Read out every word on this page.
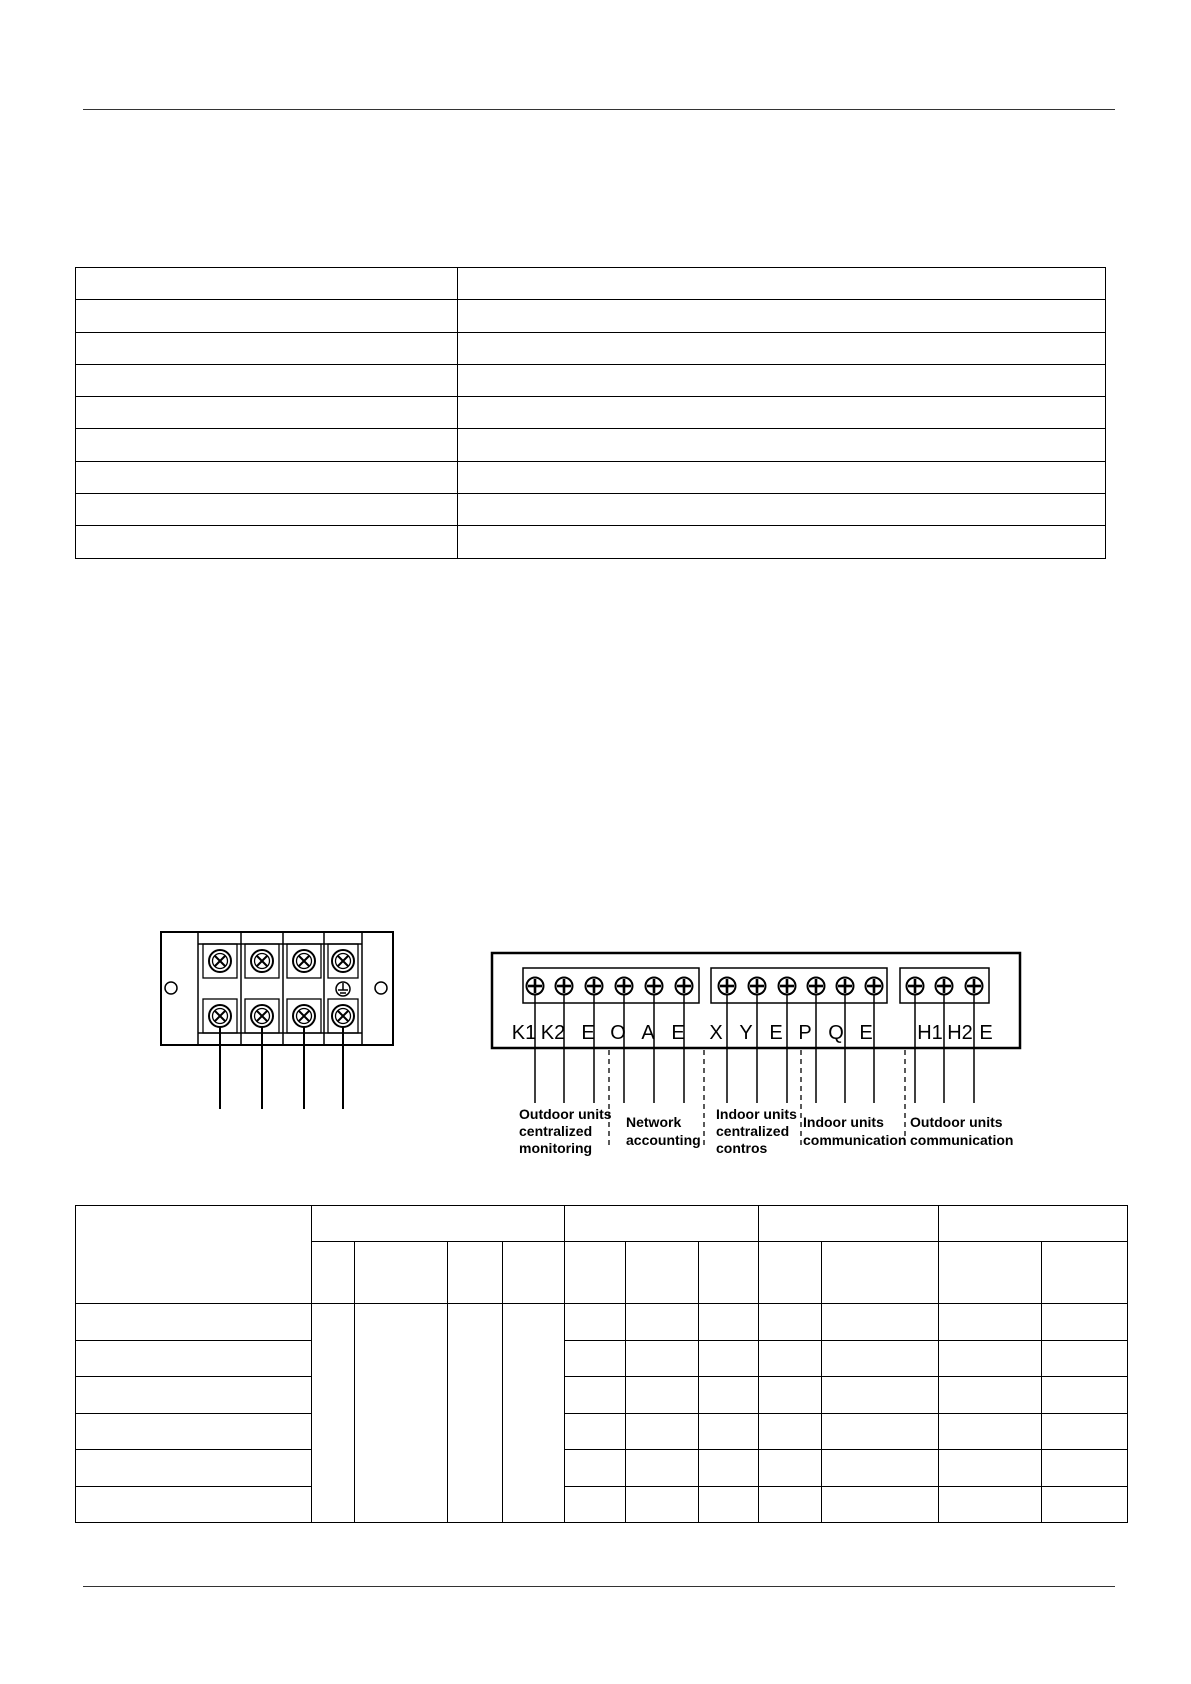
K1 K2 E O A E X Y E P Q E H1 H2 E
Outdoor units centralized monitoring
Network accounting
Indoor units centralized contros
Indoor units communication
Outdoor units communication
